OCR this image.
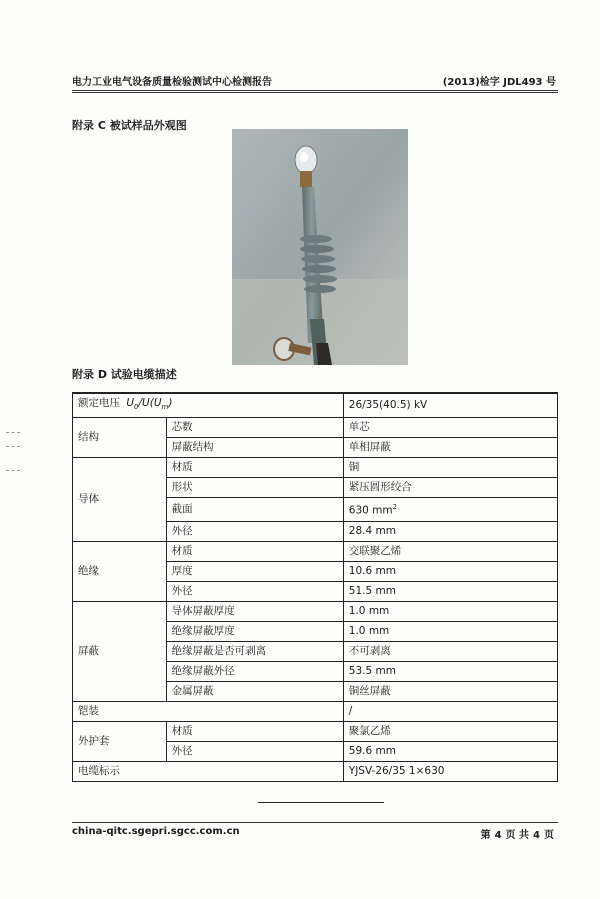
电力工业电气设备质量检验测试中心检测报告	(2013)检字 JDL493 号
附录 C 被试样品外观图
附录 D 试验电缆描述
额定电压 $U_0/U(U_m)$		26/35(40.5) kV
结构	芯数	单芯
	屏蔽结构	单相屏蔽
导体	材质	铜
	形状	紧压圆形绞合
	截面	630 $mm^2$
	外径	28.4 mm
绝缘	材质	交联聚乙烯
	厚度	10.6 mm
	外径	51.5 mm
屏蔽	导体屏蔽厚度	1.0 mm
	绝缘屏蔽厚度	1.0 mm
	绝缘屏蔽是否可剥离	不可剥离
	绝缘屏蔽外径	53.5 mm
	金属屏蔽	铜丝屏蔽
铠装		/
外护套	材质	聚氯乙烯
	外径	59.6 mm
电缆标示		YJSV-26/35 1×630
china-qitc.sgepri.sgcc.com.cn	第 4 页 共 4 页
